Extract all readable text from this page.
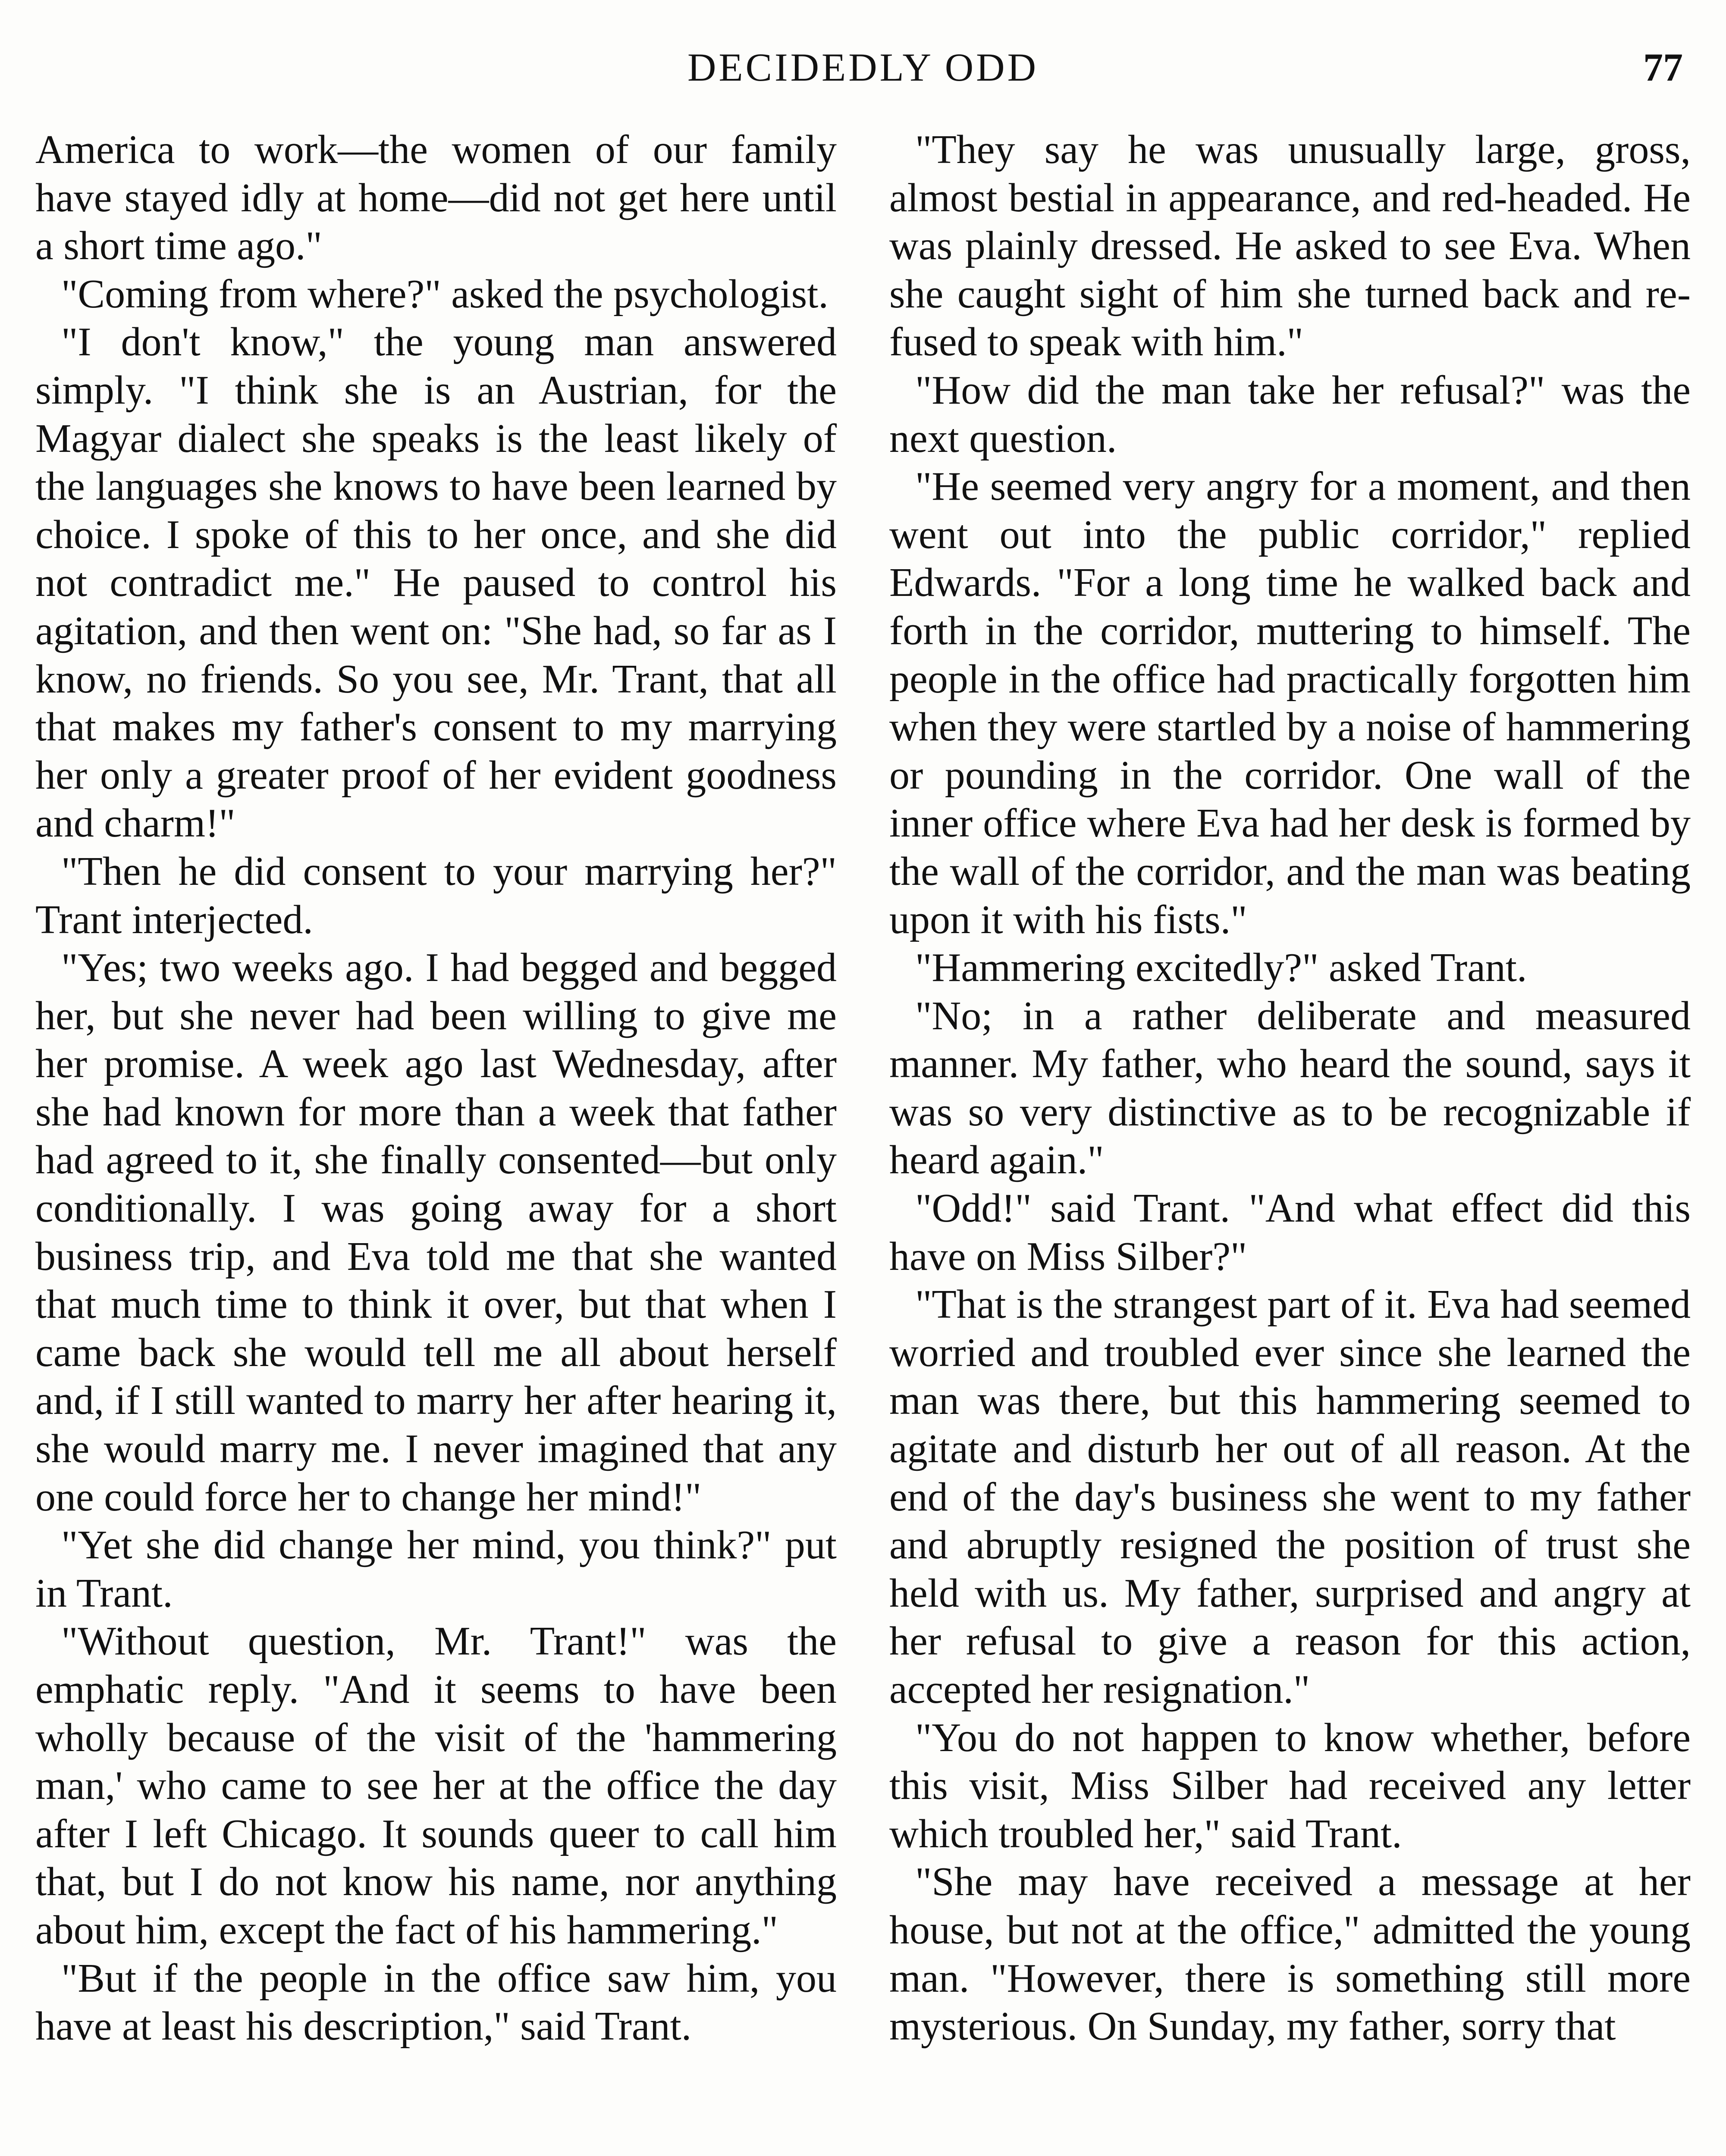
DECIDEDLY ODD	77

America to work—the women of our family have stayed idly at home—did not get here until a short time ago."

"Coming from where?" asked the psychologist.

"I don't know," the young man answered simply. "I think she is an Austrian, for the Magyar dialect she speaks is the least likely of the languages she knows to have been learned by choice. I spoke of this to her once, and she did not contradict me." He paused to control his agitation, and then went on: "She had, so far as I know, no friends. So you see, Mr. Trant, that all that makes my father's consent to my marrying her only a greater proof of her evident goodness and charm!"

"Then he did consent to your marrying her?" Trant interjected.

"Yes; two weeks ago. I had begged and begged her, but she never had been willing to give me her promise. A week ago last Wednesday, after she had known for more than a week that father had agreed to it, she finally consented—but only conditionally. I was going away for a short business trip, and Eva told me that she wanted that much time to think it over, but that when I came back she would tell me all about herself and, if I still wanted to marry her after hearing it, she would marry me. I never imagined that any one could force her to change her mind!"

"Yet she did change her mind, you think?" put in Trant.

"Without question, Mr. Trant!" was the emphatic reply. "And it seems to have been wholly because of the visit of the 'hammering man,' who came to see her at the office the day after I left Chicago. It sounds queer to call him that, but I do not know his name, nor anything about him, except the fact of his hammering."

"But if the people in the office saw him, you have at least his description," said Trant.

"They say he was unusually large, gross, almost bestial in appearance, and red-headed. He was plainly dressed. He asked to see Eva. When she caught sight of him she turned back and refused to speak with him."

"How did the man take her refusal?" was the next question.

"He seemed very angry for a moment, and then went out into the public corridor," replied Edwards. "For a long time he walked back and forth in the corridor, muttering to himself. The people in the office had practically forgotten him when they were startled by a noise of hammering or pounding in the corridor. One wall of the inner office where Eva had her desk is formed by the wall of the corridor, and the man was beating upon it with his fists."

"Hammering excitedly?" asked Trant.

"No; in a rather deliberate and measured manner. My father, who heard the sound, says it was so very distinctive as to be recognizable if heard again."

"Odd!" said Trant. "And what effect did this have on Miss Silber?"

"That is the strangest part of it. Eva had seemed worried and troubled ever since she learned the man was there, but this hammering seemed to agitate and disturb her out of all reason. At the end of the day's business she went to my father and abruptly resigned the position of trust she held with us. My father, surprised and angry at her refusal to give a reason for this action, accepted her resignation."

"You do not happen to know whether, before this visit, Miss Silber had received any letter which troubled her," said Trant.

"She may have received a message at her house, but not at the office," admitted the young man. "However, there is something still more mysterious. On Sunday, my father, sorry that
